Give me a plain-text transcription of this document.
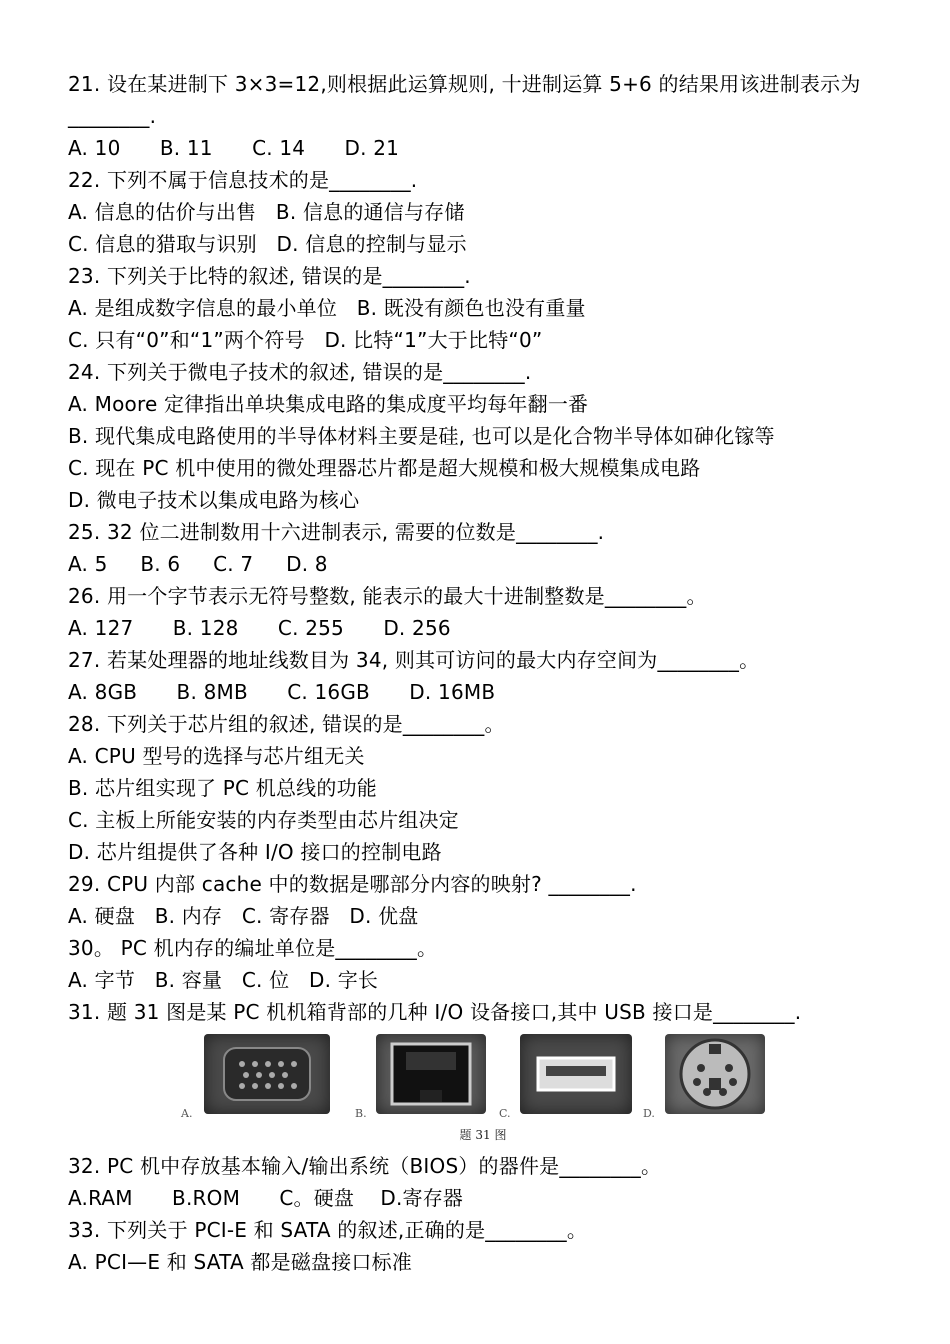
21. 设在某进制下 3×3=12,则根据此运算规则, 十进制运算 5+6 的结果用该进制表示为________.
A. 10      B. 11      C. 14      D. 21
22. 下列不属于信息技术的是________.
A. 信息的估价与出售   B. 信息的通信与存储
C. 信息的猎取与识别   D. 信息的控制与显示
23. 下列关于比特的叙述, 错误的是________.
A. 是组成数字信息的最小单位   B. 既没有颜色也没有重量
C. 只有“0”和“1”两个符号   D. 比特“1”大于比特“0”
24. 下列关于微电子技术的叙述, 错误的是________.
A. Moore 定律指出单块集成电路的集成度平均每年翻一番
B. 现代集成电路使用的半导体材料主要是硅, 也可以是化合物半导体如砷化镓等
C. 现在 PC 机中使用的微处理器芯片都是超大规模和极大规模集成电路
D. 微电子技术以集成电路为核心
25. 32 位二进制数用十六进制表示, 需要的位数是________.
A. 5     B. 6     C. 7     D. 8
26. 用一个字节表示无符号整数, 能表示的最大十进制整数是________。
A. 127      B. 128      C. 255      D. 256
27. 若某处理器的地址线数目为 34, 则其可访问的最大内存空间为________。
A. 8GB      B. 8MB      C. 16GB      D. 16MB
28. 下列关于芯片组的叙述, 错误的是________。
A. CPU 型号的选择与芯片组无关
B. 芯片组实现了 PC 机总线的功能
C. 主板上所能安装的内存类型由芯片组决定
D. 芯片组提供了各种 I/O 接口的控制电路
29. CPU 内部 cache 中的数据是哪部分内容的映射? ________.
A. 硬盘   B. 内存   C. 寄存器   D. 优盘
30。 PC 机内存的编址单位是________。
A. 字节   B. 容量   C. 位   D. 字长
31. 题 31 图是某 PC 机机箱背部的几种 I/O 设备接口,其中 USB 接口是________.
A.	B.	C.	D.
题 31 图
32. PC 机中存放基本输入/输出系统（BIOS）的器件是________。
A.RAM      B.ROM      C。硬盘    D.寄存器
33. 下列关于 PCI-E 和 SATA 的叙述,正确的是________。
A. PCI—E 和 SATA 都是磁盘接口标准
